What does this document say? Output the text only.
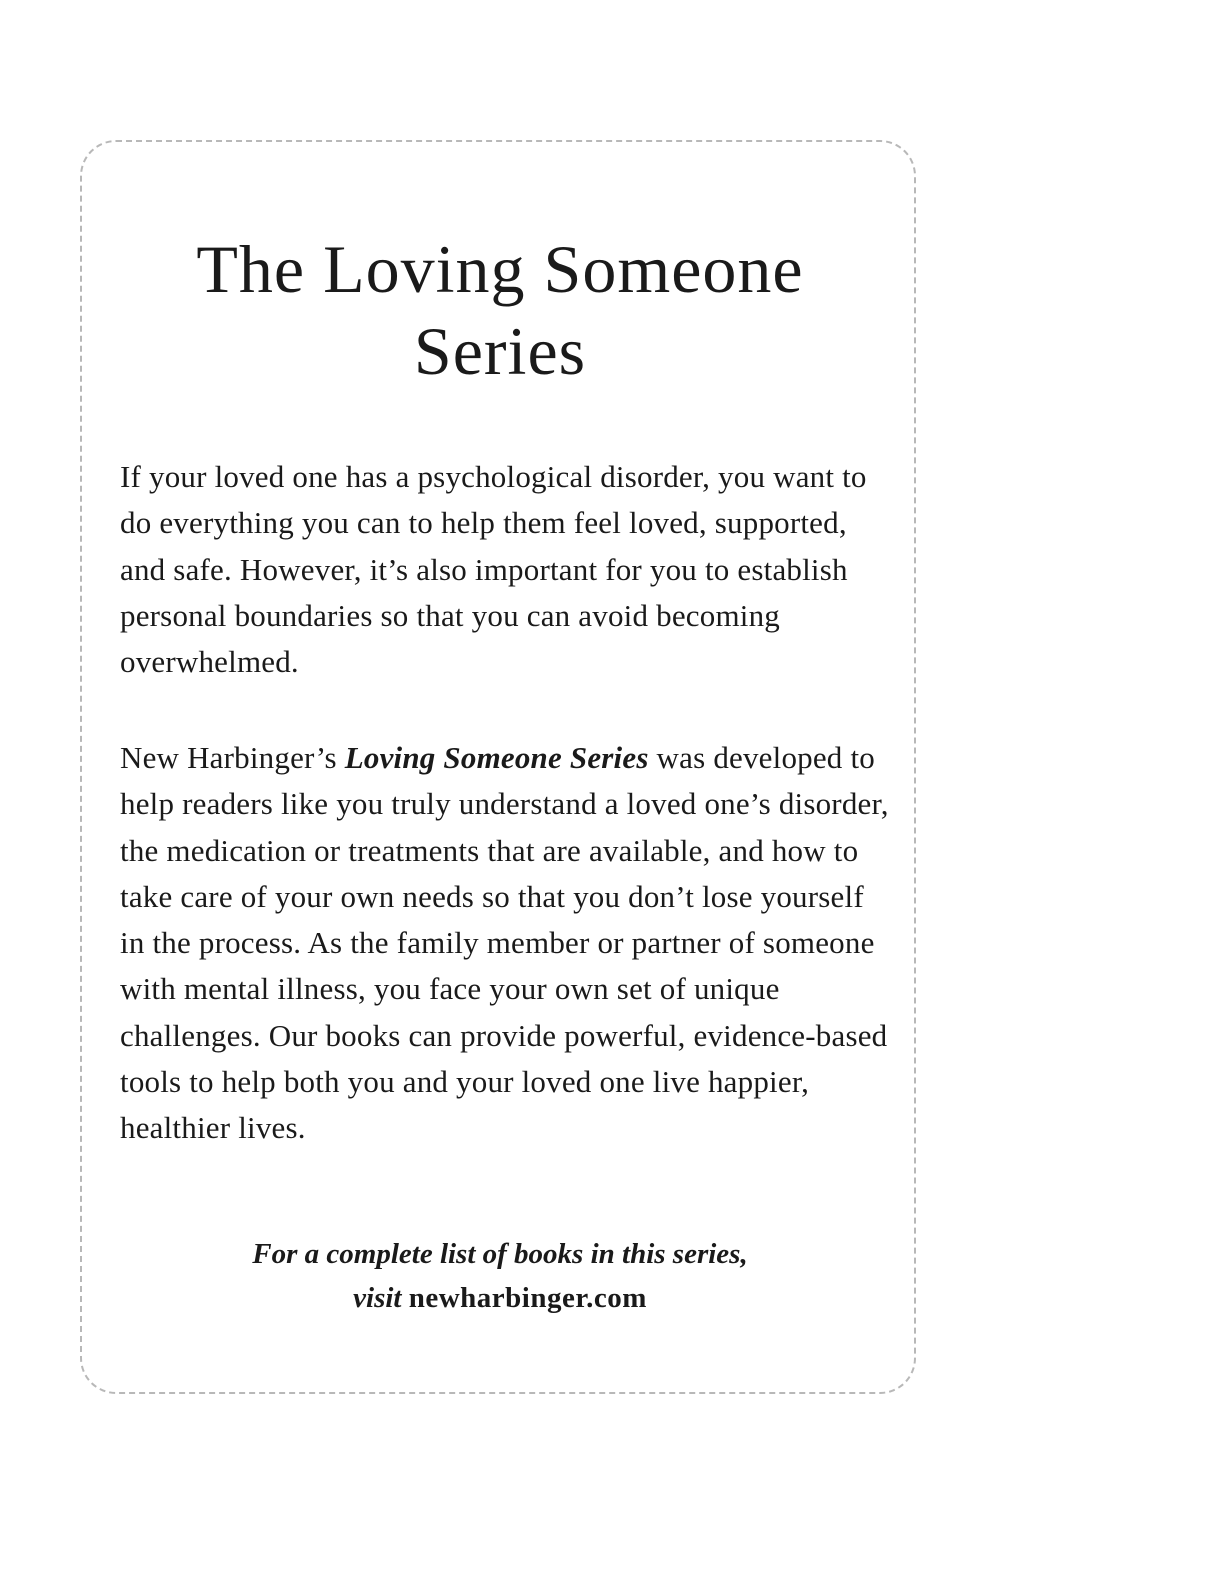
The Loving Someone
Series

If your loved one has a psychological disorder, you want to do everything you can to help them feel loved, supported, and safe. However, it’s also important for you to establish personal boundaries so that you can avoid becoming overwhelmed.

New Harbinger’s Loving Someone Series was developed to help readers like you truly understand a loved one’s disorder, the medication or treatments that are available, and how to take care of your own needs so that you don’t lose yourself in the process. As the family member or partner of someone with mental illness, you face your own set of unique challenges. Our books can provide powerful, evidence-based tools to help both you and your loved one live happier, healthier lives.

For a complete list of books in this series,
visit newharbinger.com
